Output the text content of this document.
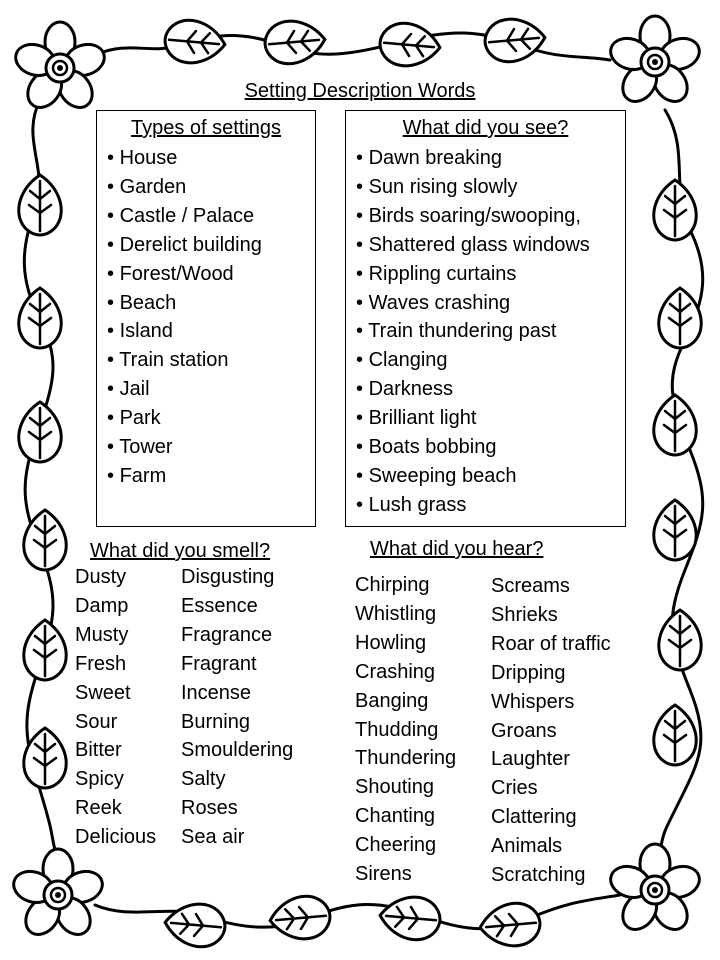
Setting Description Words
Types of settings
• House
• Garden
• Castle / Palace
• Derelict building
• Forest/Wood
• Beach
• Island
• Train station
• Jail
• Park
• Tower
• Farm
What did you see?
• Dawn breaking
• Sun rising slowly
• Birds soaring/swooping,
• Shattered glass windows
• Rippling curtains
• Waves crashing
• Train thundering past
• Clanging
• Darkness
• Brilliant light
• Boats bobbing
• Sweeping beach
• Lush grass
What did you smell?
Dusty
Damp
Musty
Fresh
Sweet
Sour
Bitter
Spicy
Reek
Delicious
Disgusting
Essence
Fragrance
Fragrant
Incense
Burning
Smouldering
Salty
Roses
Sea air
What did you hear?
Chirping
Whistling
Howling
Crashing
Banging
Thudding
Thundering
Shouting
Chanting
Cheering
Sirens
Screams
Shrieks
Roar of traffic
Dripping
Whispers
Groans
Laughter
Cries
Clattering
Animals
Scratching
